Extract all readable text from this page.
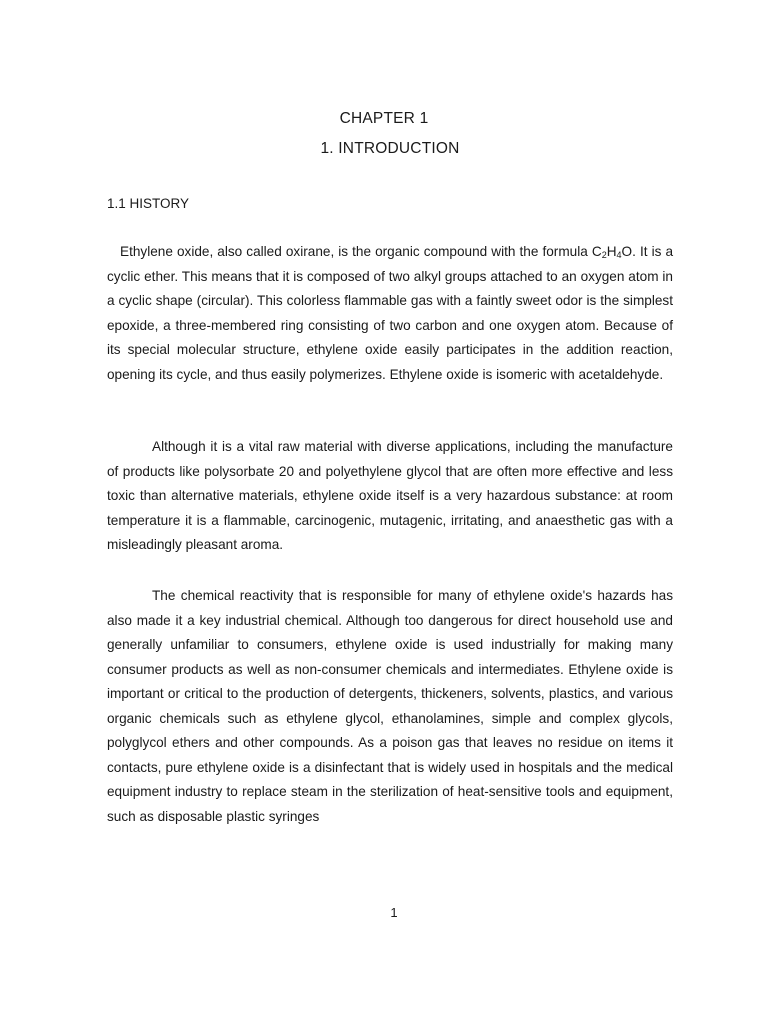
CHAPTER 1
1. INTRODUCTION
1.1 HISTORY

Ethylene oxide, also called oxirane, is the organic compound with the formula $C_2H_4O$. It is a cyclic ether. This means that it is composed of two alkyl groups attached to an oxygen atom in a cyclic shape (circular). This colorless flammable gas with a faintly sweet odor is the simplest epoxide, a three-membered ring consisting of two carbon and one oxygen atom. Because of its special molecular structure, ethylene oxide easily participates in the addition reaction, opening its cycle, and thus easily polymerizes. Ethylene oxide is isomeric with acetaldehyde.

Although it is a vital raw material with diverse applications, including the manufacture of products like polysorbate 20 and polyethylene glycol that are often more effective and less toxic than alternative materials, ethylene oxide itself is a very hazardous substance: at room temperature it is a flammable, carcinogenic, mutagenic, irritating, and anaesthetic gas with a misleadingly pleasant aroma.

The chemical reactivity that is responsible for many of ethylene oxide's hazards has also made it a key industrial chemical. Although too dangerous for direct household use and generally unfamiliar to consumers, ethylene oxide is used industrially for making many consumer products as well as non-consumer chemicals and intermediates. Ethylene oxide is important or critical to the production of detergents, thickeners, solvents, plastics, and various organic chemicals such as ethylene glycol, ethanolamines, simple and complex glycols, polyglycol ethers and other compounds. As a poison gas that leaves no residue on items it contacts, pure ethylene oxide is a disinfectant that is widely used in hospitals and the medical equipment industry to replace steam in the sterilization of heat-sensitive tools and equipment, such as disposable plastic syringes

1
